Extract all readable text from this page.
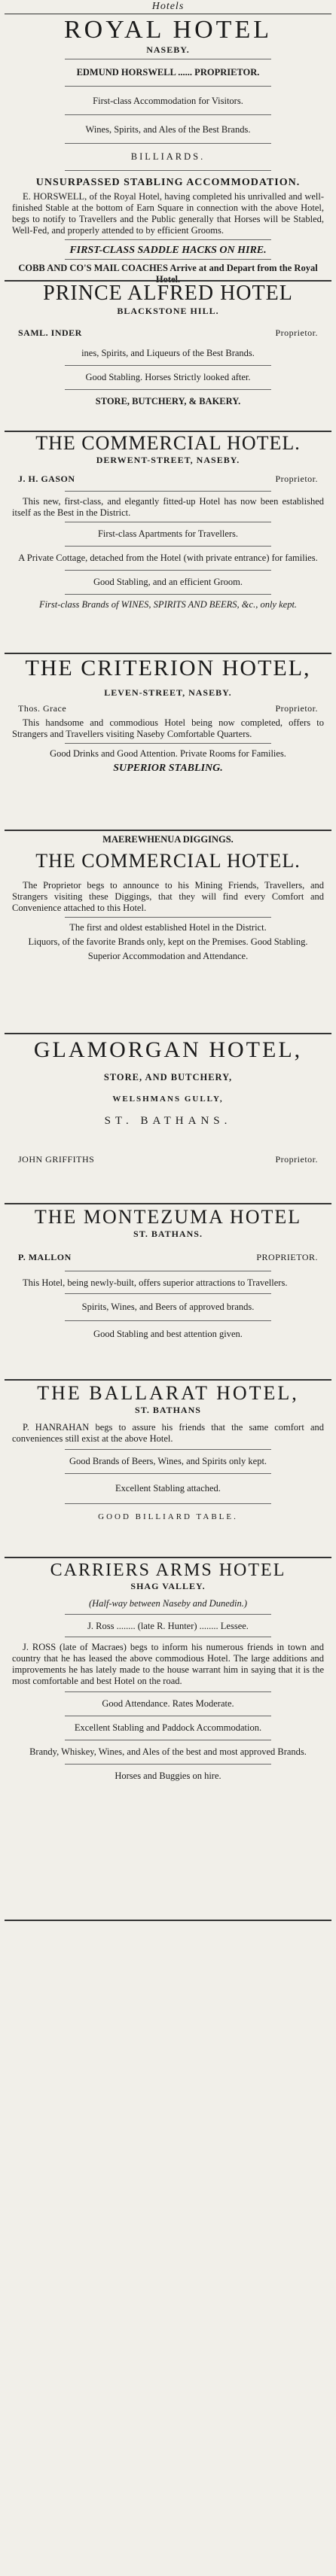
Hotels
ROYAL HOTEL
NASEBY.
EDMUND HORSWELL ...... PROPRIETOR.
First-class Accommodation for Visitors.
Wines, Spirits, and Ales of the Best Brands.
BILLIARDS.
UNSURPASSED STABLING ACCOMMODATION.
E. HORSWELL, of the Royal Hotel, having completed his unrivalled and well-finished Stable at the bottom of Earn Square in connection with the above Hotel, begs to notify to Travellers and the Public generally that Horses will be Stabled, Well-Fed, and properly attended to by efficient Grooms.
FIRST-CLASS SADDLE HACKS ON HIRE.
COBB AND CO'S MAIL COACHES Arrive at and Depart from the Royal Hotel.
PRINCE ALFRED HOTEL
BLACKSTONE HILL.
SAML. INDER	Proprietor.
ines, Spirits, and Liqueurs of the Best Brands.
Good Stabling. Horses Strictly looked after.
STORE, BUTCHERY, & BAKERY.
THE COMMERCIAL HOTEL.
DERWENT-STREET, NASEBY.
J. H. GASON	Proprietor.
This new, first-class, and elegantly fitted-up Hotel has now been established itself as the Best in the District.
First-class Apartments for Travellers.
A Private Cottage, detached from the Hotel (with private entrance) for families.
Good Stabling, and an efficient Groom.
First-class Brands of WINES, SPIRITS AND BEERS, &c., only kept.
THE CRITERION HOTEL,
LEVEN-STREET, NASEBY.
Thos. Grace	Proprietor.
This handsome and commodious Hotel being now completed, offers to Strangers and Travellers visiting Naseby Comfortable Quarters.
Good Drinks and Good Attention. Private Rooms for Families.
SUPERIOR STABLING.
MAEREWHENUA DIGGINGS.
THE COMMERCIAL HOTEL.
The Proprietor begs to announce to his Mining Friends, Travellers, and Strangers visiting these Diggings, that they will find every Comfort and Convenience attached to this Hotel.
The first and oldest established Hotel in the District.
Liquors, of the favorite Brands only, kept on the Premises. Good Stabling.
Superior Accommodation and Attendance.
GLAMORGAN HOTEL,
STORE, AND BUTCHERY,
WELSHMANS GULLY,
ST. BATHANS.
JOHN GRIFFITHS	Proprietor.
THE MONTEZUMA HOTEL
ST. BATHANS.
P. MALLON	PROPRIETOR.
This Hotel, being newly-built, offers superior attractions to Travellers.
Spirits, Wines, and Beers of approved brands.
Good Stabling and best attention given.
THE BALLARAT HOTEL,
ST. BATHANS
P. HANRAHAN begs to assure his friends that the same comfort and conveniences still exist at the above Hotel.
Good Brands of Beers, Wines, and Spirits only kept.
Excellent Stabling attached.
GOOD BILLIARD TABLE.
CARRIERS ARMS HOTEL
SHAG VALLEY.
(Half-way between Naseby and Dunedin.)
J. Ross ........ (late R. Hunter) ........ Lessee.
J. ROSS (late of Macraes) begs to inform his numerous friends in town and country that he has leased the above commodious Hotel. The large additions and improvements he has lately made to the house warrant him in saying that it is the most comfortable and best Hotel on the road.
Good Attendance. Rates Moderate.
Excellent Stabling and Paddock Accommodation.
Brandy, Whiskey, Wines, and Ales of the best and most approved Brands.
Horses and Buggies on hire.
